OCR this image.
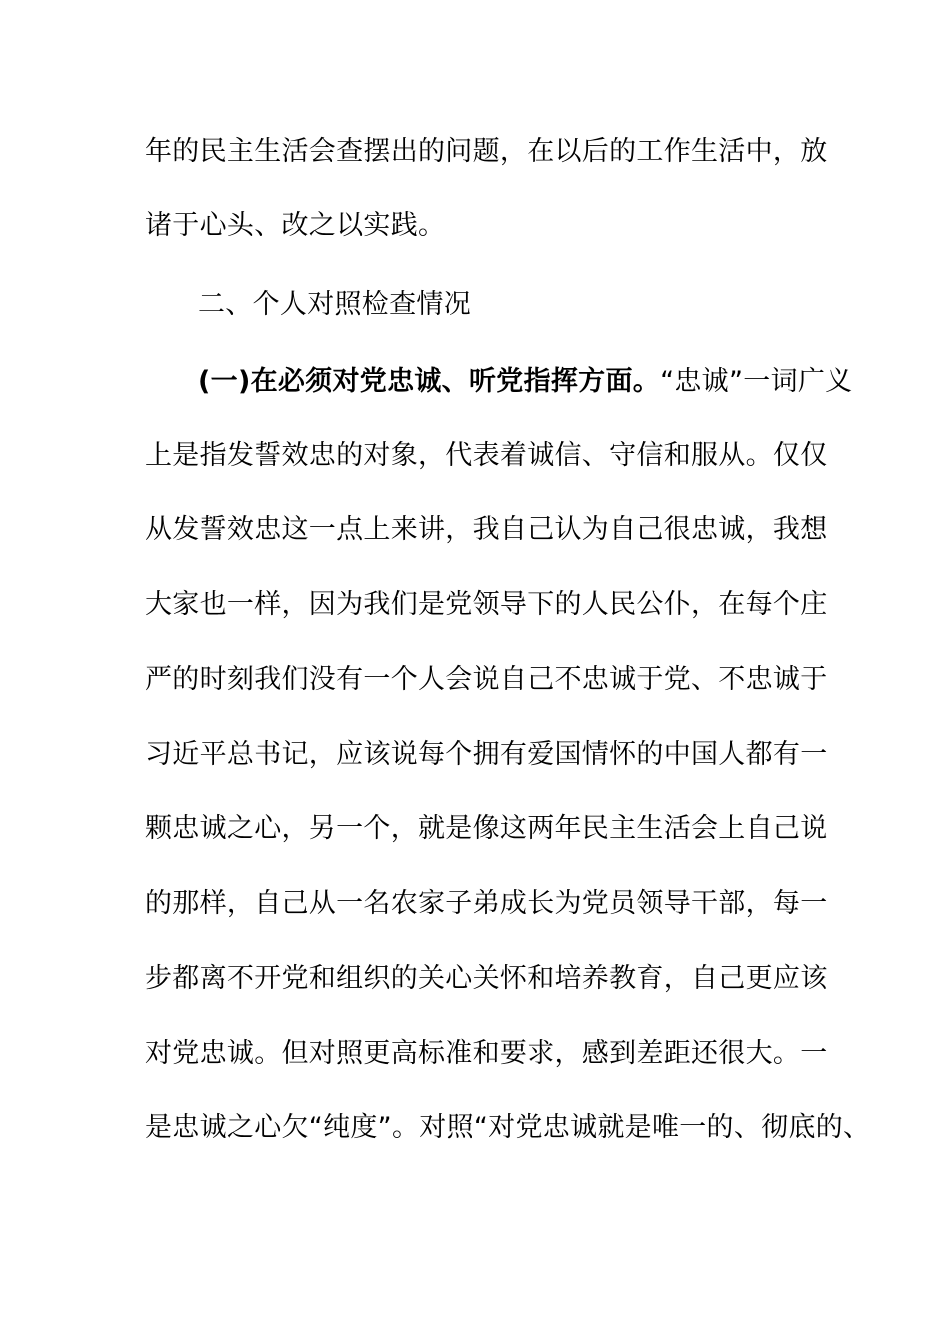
年的民主生活会查摆出的问题，在以后的工作生活中，放
诸于心头、改之以实践。
二、个人对照检查情况
(一)在必须对党忠诚、听党指挥方面。“忠诚”一词广义
上是指发誓效忠的对象，代表着诚信、守信和服从。仅仅
从发誓效忠这一点上来讲，我自己认为自己很忠诚，我想
大家也一样，因为我们是党领导下的人民公仆，在每个庄
严的时刻我们没有一个人会说自己不忠诚于党、不忠诚于
习近平总书记，应该说每个拥有爱国情怀的中国人都有一
颗忠诚之心，另一个，就是像这两年民主生活会上自己说
的那样，自己从一名农家子弟成长为党员领导干部，每一
步都离不开党和组织的关心关怀和培养教育，自己更应该
对党忠诚。但对照更高标准和要求，感到差距还很大。一
是忠诚之心欠“纯度”。对照“对党忠诚就是唯一的、彻底的、
